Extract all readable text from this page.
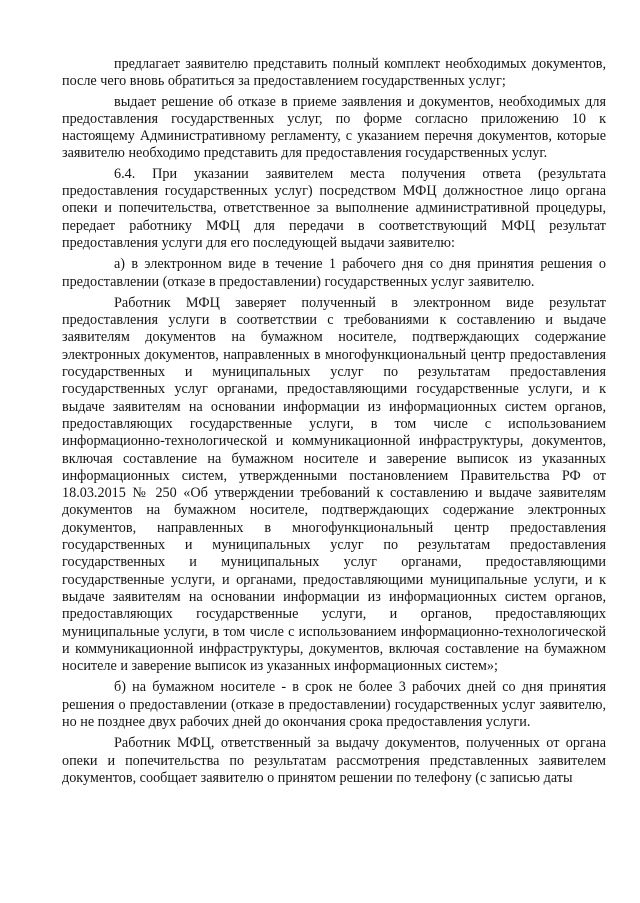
предлагает заявителю представить полный комплект необходимых документов, после чего вновь обратиться за предоставлением государственных услуг;

выдает решение об отказе в приеме заявления и документов, необходимых для предоставления государственных услуг, по форме согласно приложению 10 к настоящему Административному регламенту, с указанием перечня документов, которые заявителю необходимо представить для предоставления государственных услуг.

6.4. При указании заявителем места получения ответа (результата предоставления государственных услуг) посредством МФЦ должностное лицо органа опеки и попечительства, ответственное за выполнение административной процедуры, передает работнику МФЦ для передачи в соответствующий МФЦ результат предоставления услуги для его последующей выдачи заявителю:

а) в электронном виде в течение 1 рабочего дня со дня принятия решения о предоставлении (отказе в предоставлении) государственных услуг заявителю.

Работник МФЦ заверяет полученный в электронном виде результат предоставления услуги в соответствии с требованиями к составлению и выдаче заявителям документов на бумажном носителе, подтверждающих содержание электронных документов, направленных в многофункциональный центр предоставления государственных и муниципальных услуг по результатам предоставления государственных услуг органами, предоставляющими государственные услуги, и к выдаче заявителям на основании информации из информационных систем органов, предоставляющих государственные услуги, в том числе с использованием информационно-технологической и коммуникационной инфраструктуры, документов, включая составление на бумажном носителе и заверение выписок из указанных информационных систем, утвержденными постановлением Правительства РФ от 18.03.2015 № 250 «Об утверждении требований к составлению и выдаче заявителям документов на бумажном носителе, подтверждающих содержание электронных документов, направленных в многофункциональный центр предоставления государственных и муниципальных услуг по результатам предоставления государственных и муниципальных услуг органами, предоставляющими государственные услуги, и органами, предоставляющими муниципальные услуги, и к выдаче заявителям на основании информации из информационных систем органов, предоставляющих государственные услуги, и органов, предоставляющих муниципальные услуги, в том числе с использованием информационно-технологической и коммуникационной инфраструктуры, документов, включая составление на бумажном носителе и заверение выписок из указанных информационных систем»;

б) на бумажном носителе - в срок не более 3 рабочих дней со дня принятия решения о предоставлении (отказе в предоставлении) государственных услуг заявителю, но не позднее двух рабочих дней до окончания срока предоставления услуги.

Работник МФЦ, ответственный за выдачу документов, полученных от органа опеки и попечительства по результатам рассмотрения представленных заявителем документов, сообщает заявителю о принятом решении по телефону (с записью даты
